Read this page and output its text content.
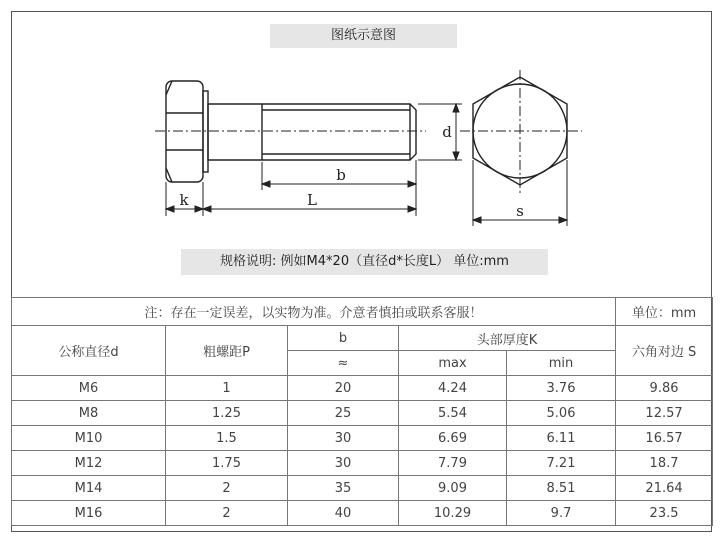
图纸示意图
d
b
k	L
s
规格说明: 例如M4*20（直径d*长度L） 单位:mm
注：存在一定误差，以实物为准。介意者慎拍或联系客服！					单位：mm
公称直径d	粗螺距P	b	头部厚度K		六角对边 S
		≈	max	min	
M6	1	20	4.24	3.76	9.86
M8	1.25	25	5.54	5.06	12.57
M10	1.5	30	6.69	6.11	16.57
M12	1.75	30	7.79	7.21	18.7
M14	2	35	9.09	8.51	21.64
M16	2	40	10.29	9.7	23.5
